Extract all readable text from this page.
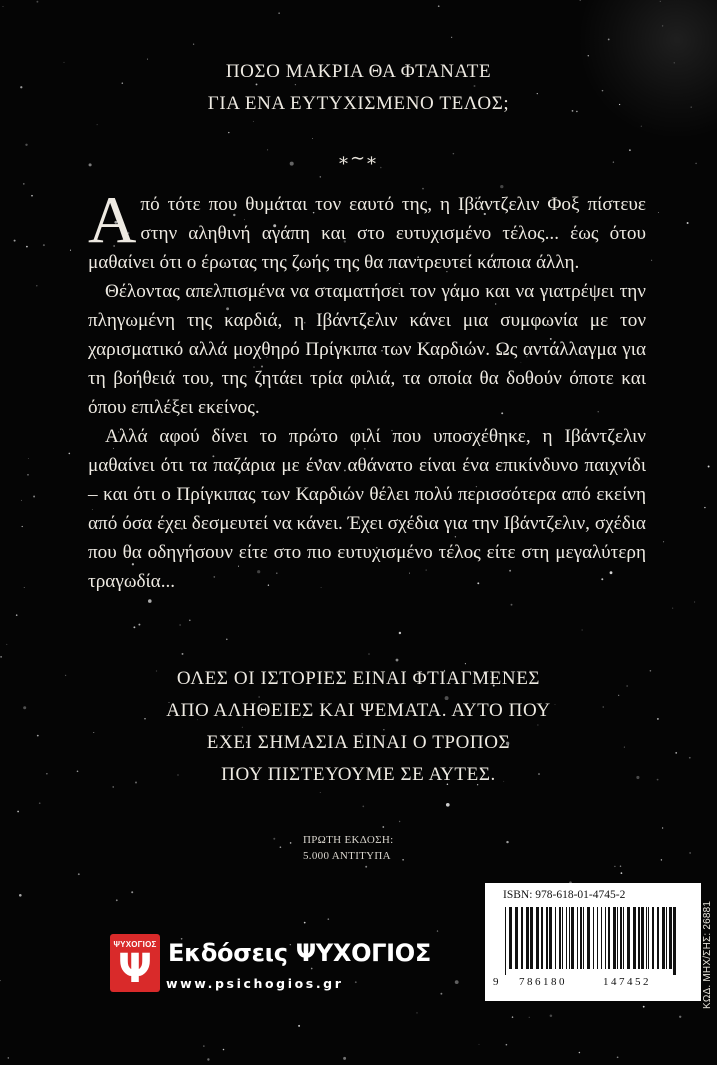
ΠΟΣΟ ΜΑΚΡΙΑ ΘΑ ΦΤΑΝΑΤΕ
ΓΙΑ ΕΝΑ ΕΥΤΥΧΙΣΜΕΝΟ ΤΕΛΟΣ;
⁎∼⁎

Από τότε που θυμάται τον εαυτό της, η Ιβάντζελιν Φοξ πίστευε στην αληθινή αγάπη και στο ευτυχισμένο τέλος... έως ότου μαθαίνει ότι ο έρωτας της ζωής της θα παντρευτεί κάποια άλλη.

Θέλοντας απελπισμένα να σταματήσει τον γάμο και να γιατρέψει την πληγωμένη της καρδιά, η Ιβάντζελιν κάνει μια συμφωνία με τον χαρισματικό αλλά μοχθηρό Πρίγκιπα των Καρδιών. Ως αντάλλαγμα για τη βοήθειά του, της ζητάει τρία φιλιά, τα οποία θα δοθούν όποτε και όπου επιλέξει εκείνος.

Αλλά αφού δίνει το πρώτο φιλί που υποσχέθηκε, η Ιβάντζελιν μαθαίνει ότι τα παζάρια με έναν αθάνατο είναι ένα επικίνδυνο παιχνίδι – και ότι ο Πρίγκιπας των Καρδιών θέλει πολύ περισσότερα από εκείνη από όσα έχει δεσμευτεί να κάνει. Έχει σχέδια για την Ιβάντζελιν, σχέδια που θα οδηγήσουν είτε στο πιο ευτυχισμένο τέλος είτε στη μεγαλύτερη τραγωδία...

ΟΛΕΣ ΟΙ ΙΣΤΟΡΙΕΣ ΕΙΝΑΙ ΦΤΙΑΓΜΕΝΕΣ
ΑΠΟ ΑΛΗΘΕΙΕΣ ΚΑΙ ΨΕΜΑΤΑ. ΑΥΤΟ ΠΟΥ
ΕΧΕΙ ΣΗΜΑΣΙΑ ΕΙΝΑΙ Ο ΤΡΟΠΟΣ
ΠΟΥ ΠΙΣΤΕΥΟΥΜΕ ΣΕ ΑΥΤΕΣ.
ΠΡΩΤΗ ΕΚΔΟΣΗ:
5.000 ΑΝΤΙΤΥΠΑ
ΨΥΧΟΓΙΟΣ
Ψ Εκδόσεις ΨΥΧΟΓΙΟΣ
www.psichogios.gr
ISBN: 978-618-01-4745-2
9 786180	147452	ΚΩΔ. ΜΗΧ/ΣΗΣ: 26881
